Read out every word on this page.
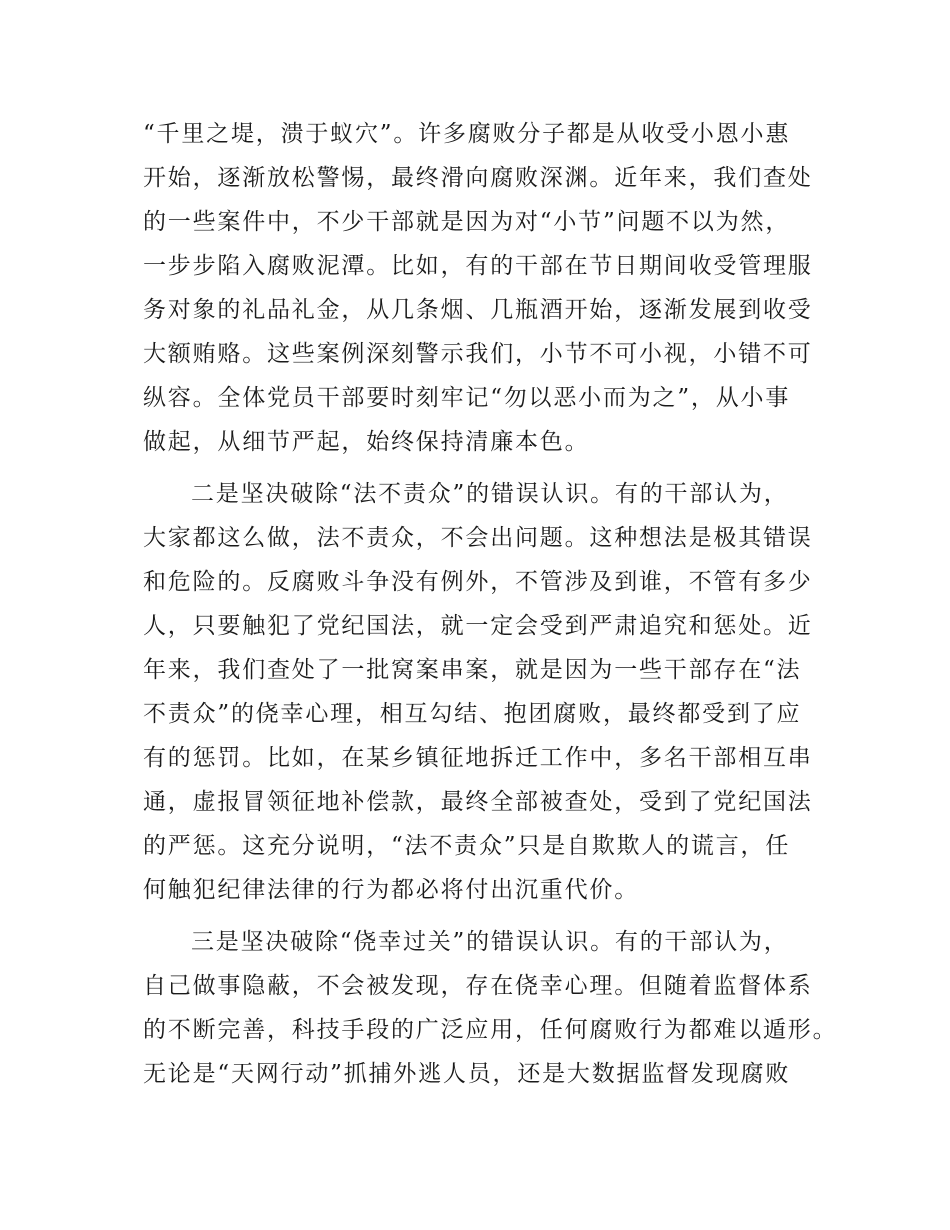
“千里之堤，溃于蚁穴”。许多腐败分子都是从收受小恩小惠
开始，逐渐放松警惕，最终滑向腐败深渊。近年来，我们查处
的一些案件中，不少干部就是因为对“小节”问题不以为然，
一步步陷入腐败泥潭。比如，有的干部在节日期间收受管理服
务对象的礼品礼金，从几条烟、几瓶酒开始，逐渐发展到收受
大额贿赂。这些案例深刻警示我们，小节不可小视，小错不可
纵容。全体党员干部要时刻牢记“勿以恶小而为之”，从小事
做起，从细节严起，始终保持清廉本色。
二是坚决破除“法不责众”的错误认识。有的干部认为，
大家都这么做，法不责众，不会出问题。这种想法是极其错误
和危险的。反腐败斗争没有例外，不管涉及到谁，不管有多少
人，只要触犯了党纪国法，就一定会受到严肃追究和惩处。近
年来，我们查处了一批窝案串案，就是因为一些干部存在“法
不责众”的侥幸心理，相互勾结、抱团腐败，最终都受到了应
有的惩罚。比如，在某乡镇征地拆迁工作中，多名干部相互串
通，虚报冒领征地补偿款，最终全部被查处，受到了党纪国法
的严惩。这充分说明，“法不责众”只是自欺欺人的谎言，任
何触犯纪律法律的行为都必将付出沉重代价。
三是坚决破除“侥幸过关”的错误认识。有的干部认为，
自己做事隐蔽，不会被发现，存在侥幸心理。但随着监督体系
的不断完善，科技手段的广泛应用，任何腐败行为都难以遁形。
无论是“天网行动”抓捕外逃人员，还是大数据监督发现腐败
